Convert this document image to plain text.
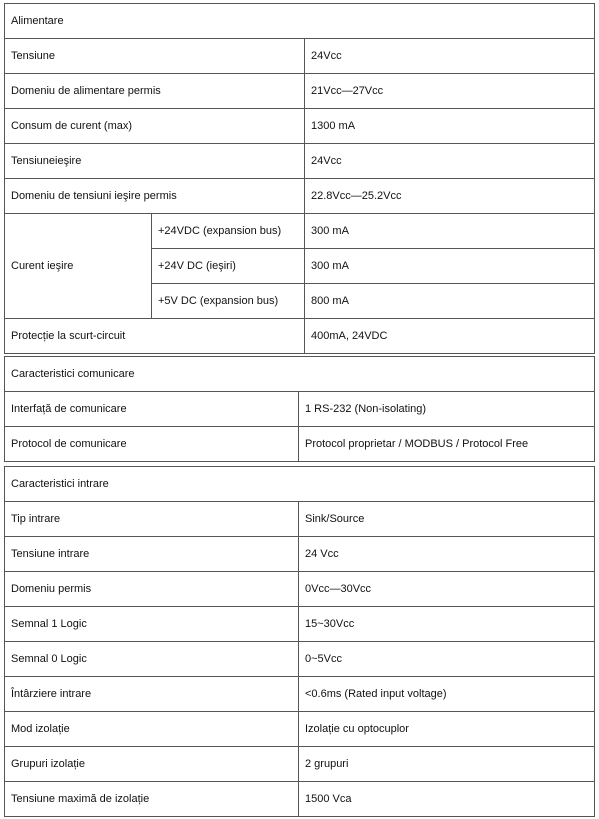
Alimentare		
Tensiune		24Vcc
Domeniu de alimentare permis		21Vcc—27Vcc
Consum de curent (max)		1300 mA
Tensiuneieşire		24Vcc
Domeniu de tensiuni ieşire permis		22.8Vcc—25.2Vcc
Curent ieşire	+24VDC (expansion bus)	300 mA
	+24V DC (ieşiri)	300 mA
	+5V DC (expansion bus)	800 mA
Protecție la scurt-circuit		400mA, 24VDC
Caracteristici comunicare	
Interfață de comunicare	1 RS-232 (Non-isolating)
Protocol de comunicare	Protocol proprietar / MODBUS / Protocol Free
Caracteristici intrare	
Tip intrare	Sink/Source
Tensiune intrare	24 Vcc
Domeniu permis	0Vcc—30Vcc
Semnal 1 Logic	15~30Vcc
Semnal 0 Logic	0~5Vcc
Întârziere intrare	<0.6ms (Rated input voltage)
Mod izolație	Izolație cu optocuplor
Grupuri izolație	2 grupuri
Tensiune maximă de izolație	1500 Vca
